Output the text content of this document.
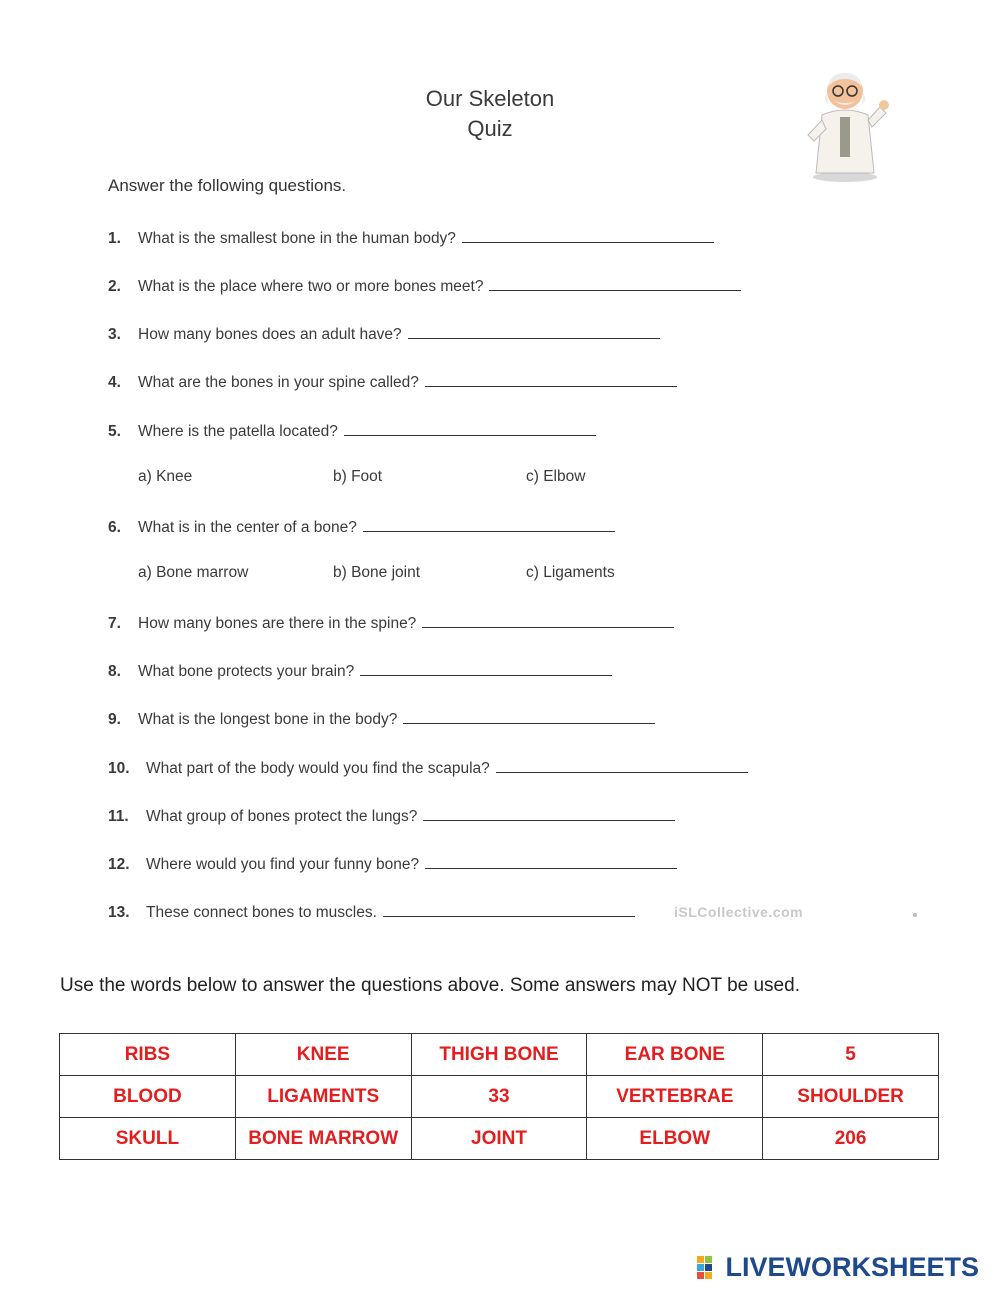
Our Skeleton
Quiz
Answer the following questions.
1. What is the smallest bone in the human body?
2. What is the place where two or more bones meet?
3. How many bones does an adult have?
4. What are the bones in your spine called?
5. Where is the patella located?
a) Knee	b) Foot	c) Elbow
6. What is in the center of a bone?
a) Bone marrow	b) Bone joint	c) Ligaments
7. How many bones are there in the spine?
8. What bone protects your brain?
9. What is the longest bone in the body?
10. What part of the body would you find the scapula?
11. What group of bones protect the lungs?
12. Where would you find your funny bone?
13. These connect bones to muscles.	iSLCollective.com
Use the words below to answer the questions above. Some answers may NOT be used.
RIBS	KNEE	THIGH BONE	EAR BONE	5
BLOOD	LIGAMENTS	33	VERTEBRAE	SHOULDER
SKULL	BONE MARROW	JOINT	ELBOW	206
LIVEWORKSHEETS
